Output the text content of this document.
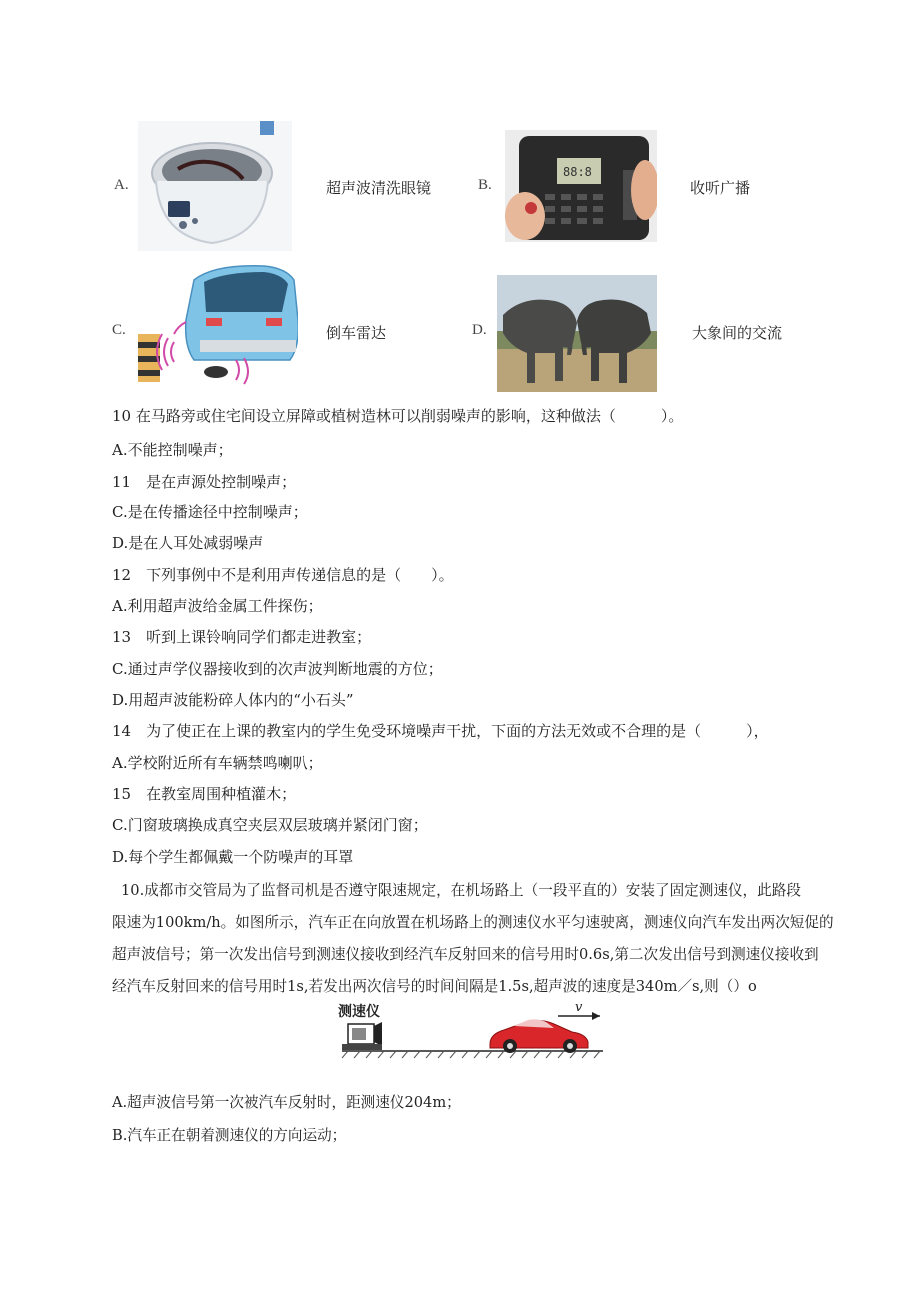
A.	超声波清洗眼镜
88:8
B.	收听广播
C.	倒车雷达	D.	大象间的交流
10 在马路旁或住宅间设立屏障或植树造林可以削弱噪声的影响，这种做法（　　　）。
A.不能控制噪声；
11　是在声源处控制噪声；
C.是在传播途径中控制噪声；
D.是在人耳处减弱噪声
12　下列事例中不是利用声传递信息的是（　　）。
A.利用超声波给金属工件探伤；
13　听到上课铃响同学们都走进教室；
C.通过声学仪器接收到的次声波判断地震的方位；
D.用超声波能粉碎人体内的“小石头”
14　为了使正在上课的教室内的学生免受环境噪声干扰，下面的方法无效或不合理的是（　　　），
A.学校附近所有车辆禁鸣喇叭；
15　在教室周围种植灌木；
C.门窗玻璃换成真空夹层双层玻璃并紧闭门窗；
D.每个学生都佩戴一个防噪声的耳罩
10.成都市交管局为了监督司机是否遵守限速规定，在机场路上（一段平直的）安装了固定测速仪，此路段
限速为100km/h。如图所示，汽车正在向放置在机场路上的测速仪水平匀速驶离，测速仪向汽车发出两次短促的
超声波信号；第一次发出信号到测速仪接收到经汽车反射回来的信号用时0.6s,第二次发出信号到测速仪接收到
经汽车反射回来的信号用时1s,若发出两次信号的时间间隔是1.5s,超声波的速度是340m／s,则（）o
测速仪	v
A.超声波信号第一次被汽车反射时，距测速仪204m；
B.汽车正在朝着测速仪的方向运动；
